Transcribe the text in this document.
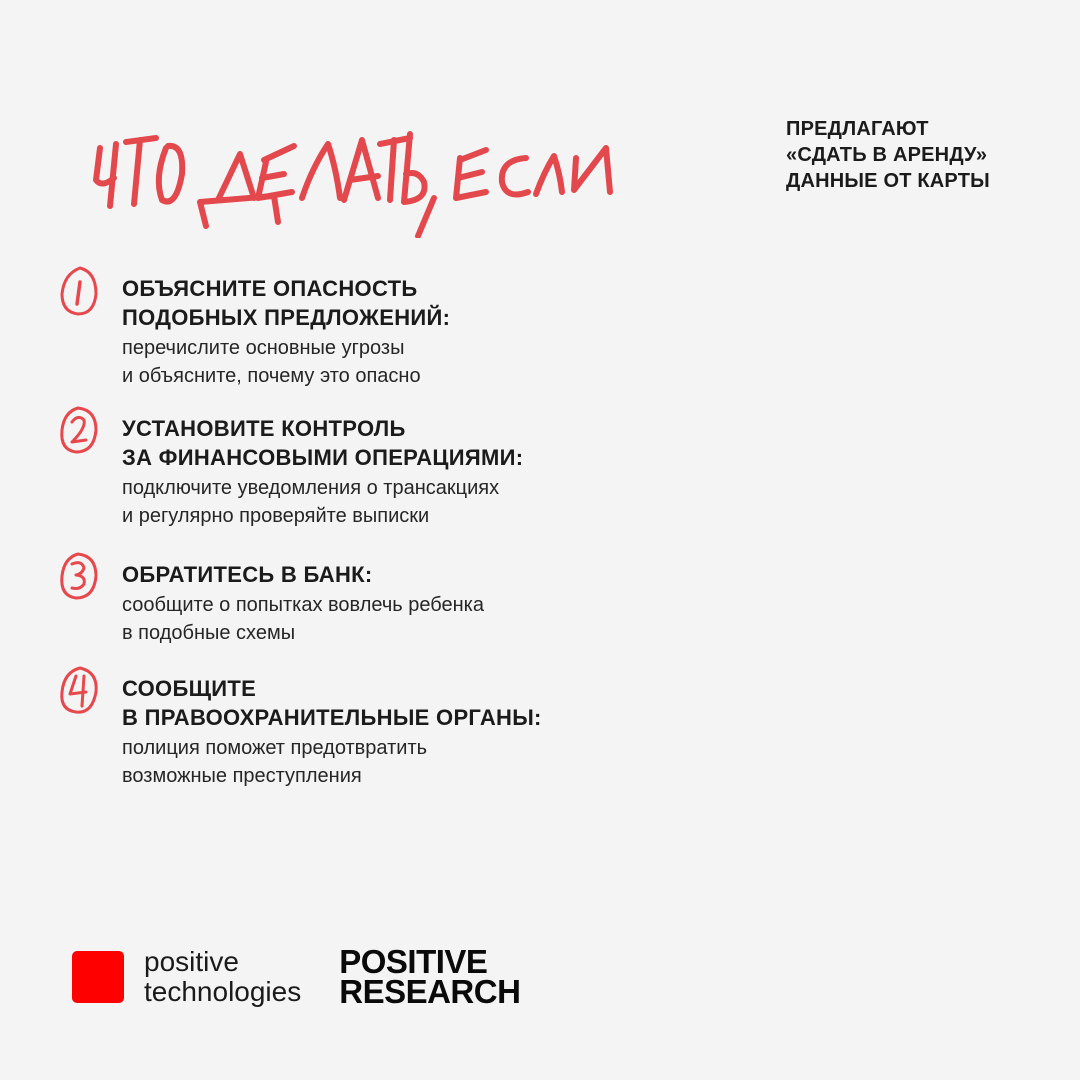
ПРЕДЛАГАЮТ
«СДАТЬ В АРЕНДУ»
ДАННЫЕ ОТ КАРТЫ
ОБЪЯСНИТЕ ОПАСНОСТЬ
ПОДОБНЫХ ПРЕДЛОЖЕНИЙ:
перечислите основные угрозы
и объясните, почему это опасно
УСТАНОВИТЕ КОНТРОЛЬ
ЗА ФИНАНСОВЫМИ ОПЕРАЦИЯМИ:
подключите уведомления о трансакциях
и регулярно проверяйте выписки
ОБРАТИТЕСЬ В БАНК:
сообщите о попытках вовлечь ребенка
в подобные схемы
СООБЩИТЕ
В ПРАВООХРАНИТЕЛЬНЫЕ ОРГАНЫ:
полиция поможет предотвратить
возможные преступления
positive
technologies
POSITIVE
RESEARCH
